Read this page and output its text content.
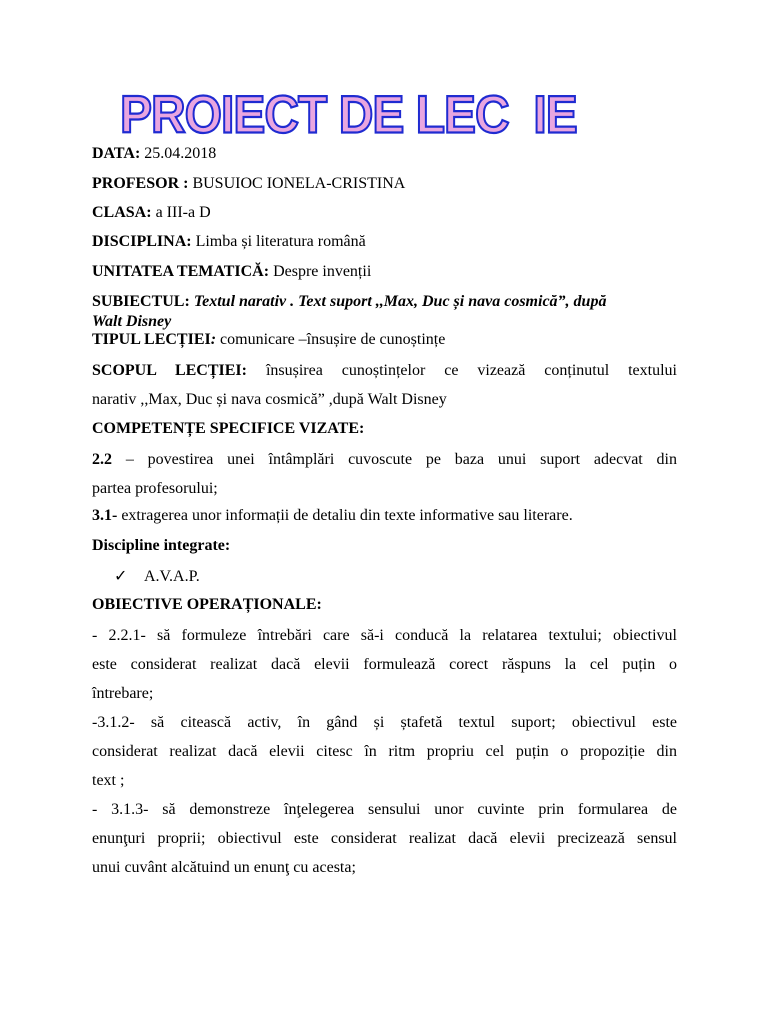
PROIECT DE LEC  IE
DATA: 25.04.2018
PROFESOR : BUSUIOC IONELA-CRISTINA
CLASA: a III-a D
DISCIPLINA: Limba și literatura română
UNITATEA TEMATICĂ: Despre invenții
SUBIECTUL: Textul narativ . Text suport ,,Max, Duc și nava cosmică”, după
Walt Disney
TIPUL LECȚIEI: comunicare –însușire de cunoștințe
SCOPUL LECȚIEI: însușirea cunoștințelor ce vizează conținutul textului
narativ ,,Max, Duc și nava cosmică” ,după Walt Disney
COMPETENȚE SPECIFICE VIZATE:
2.2 – povestirea unei întâmplări cuvoscute pe baza unui suport adecvat din
partea profesorului;
3.1- extragerea unor informații de detaliu din texte informative sau literare.
Discipline integrate:
✓ A.V.A.P.
OBIECTIVE OPERAȚIONALE:
- 2.2.1- să formuleze întrebări care să-i conducă la relatarea textului; obiectivul
este considerat realizat dacă elevii formulează corect răspuns la cel puțin o
întrebare;
-3.1.2- să citească activ, în gând și ștafetă textul suport; obiectivul este
considerat realizat dacă elevii citesc în ritm propriu cel puțin o propoziție din
text ;
- 3.1.3- să demonstreze înţelegerea sensului unor cuvinte prin formularea de
enunţuri proprii; obiectivul este considerat realizat dacă elevii precizează sensul
unui cuvânt alcătuind un enunţ cu acesta;
